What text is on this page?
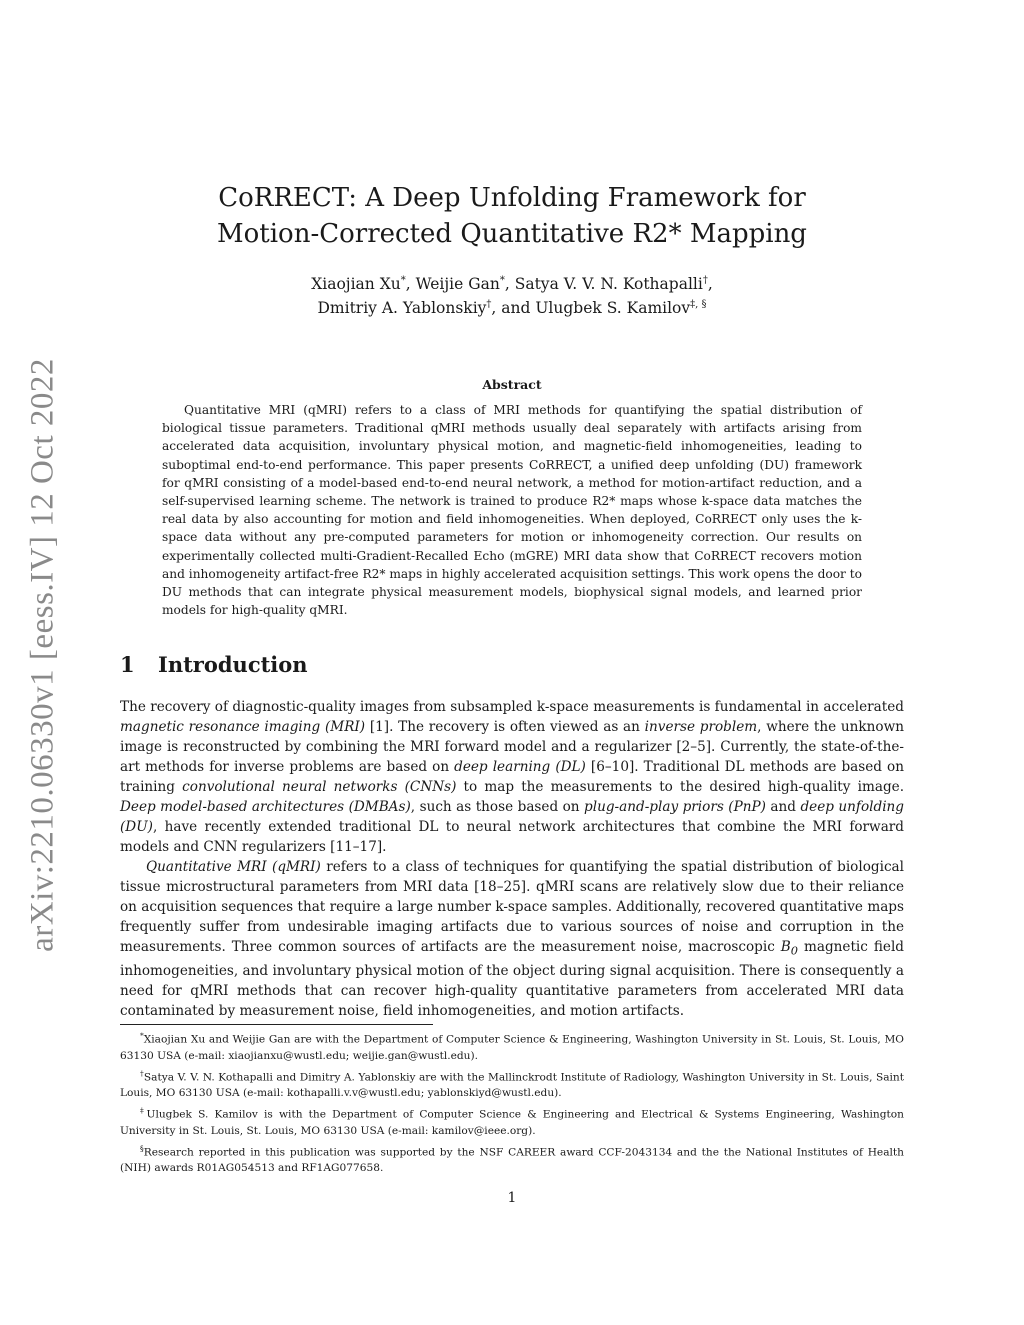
arXiv:2210.06330v1 [eess.IV] 12 Oct 2022
CoRRECT: A Deep Unfolding Framework for
Motion-Corrected Quantitative R2* Mapping
Xiaojian Xu*, Weijie Gan*, Satya V. V. N. Kothapalli†,
Dmitriy A. Yablonskiy†, and Ulugbek S. Kamilov‡, §
Abstract
Quantitative MRI (qMRI) refers to a class of MRI methods for quantifying the spatial distribution of biological tissue parameters. Traditional qMRI methods usually deal separately with artifacts arising from accelerated data acquisition, involuntary physical motion, and magnetic-field inhomogeneities, leading to suboptimal end-to-end performance. This paper presents CoRRECT, a unified deep unfolding (DU) framework for qMRI consisting of a model-based end-to-end neural network, a method for motion-artifact reduction, and a self-supervised learning scheme. The network is trained to produce R2* maps whose k-space data matches the real data by also accounting for motion and field inhomogeneities. When deployed, CoRRECT only uses the k-space data without any pre-computed parameters for motion or inhomogeneity correction. Our results on experimentally collected multi-Gradient-Recalled Echo (mGRE) MRI data show that CoRRECT recovers motion and inhomogeneity artifact-free R2* maps in highly accelerated acquisition settings. This work opens the door to DU methods that can integrate physical measurement models, biophysical signal models, and learned prior models for high-quality qMRI.
1 Introduction

The recovery of diagnostic-quality images from subsampled k-space measurements is fundamental in accelerated magnetic resonance imaging (MRI) [1]. The recovery is often viewed as an inverse problem, where the unknown image is reconstructed by combining the MRI forward model and a regularizer [2–5]. Currently, the state-of-the-art methods for inverse problems are based on deep learning (DL) [6–10]. Traditional DL methods are based on training convolutional neural networks (CNNs) to map the measurements to the desired high-quality image. Deep model-based architectures (DMBAs), such as those based on plug-and-play priors (PnP) and deep unfolding (DU), have recently extended traditional DL to neural network architectures that combine the MRI forward models and CNN regularizers [11–17].

Quantitative MRI (qMRI) refers to a class of techniques for quantifying the spatial distribution of biological tissue microstructural parameters from MRI data [18–25]. qMRI scans are relatively slow due to their reliance on acquisition sequences that require a large number k-space samples. Additionally, recovered quantitative maps frequently suffer from undesirable imaging artifacts due to various sources of noise and corruption in the measurements. Three common sources of artifacts are the measurement noise, macroscopic $B_0$ magnetic field inhomogeneities, and involuntary physical motion of the object during signal acquisition. There is consequently a need for qMRI methods that can recover high-quality quantitative parameters from accelerated MRI data contaminated by measurement noise, field inhomogeneities, and motion artifacts.

*Xiaojian Xu and Weijie Gan are with the Department of Computer Science & Engineering, Washington University in St. Louis, St. Louis, MO 63130 USA (e-mail: xiaojianxu@wustl.edu; weijie.gan@wustl.edu).

†Satya V. V. N. Kothapalli and Dimitry A. Yablonskiy are with the Mallinckrodt Institute of Radiology, Washington University in St. Louis, Saint Louis, MO 63130 USA (e-mail: kothapalli.v.v@wustl.edu; yablonskiyd@wustl.edu).

‡Ulugbek S. Kamilov is with the Department of Computer Science & Engineering and Electrical & Systems Engineering, Washington University in St. Louis, St. Louis, MO 63130 USA (e-mail: kamilov@ieee.org).

§Research reported in this publication was supported by the NSF CAREER award CCF-2043134 and the the National Institutes of Health (NIH) awards R01AG054513 and RF1AG077658.

1
